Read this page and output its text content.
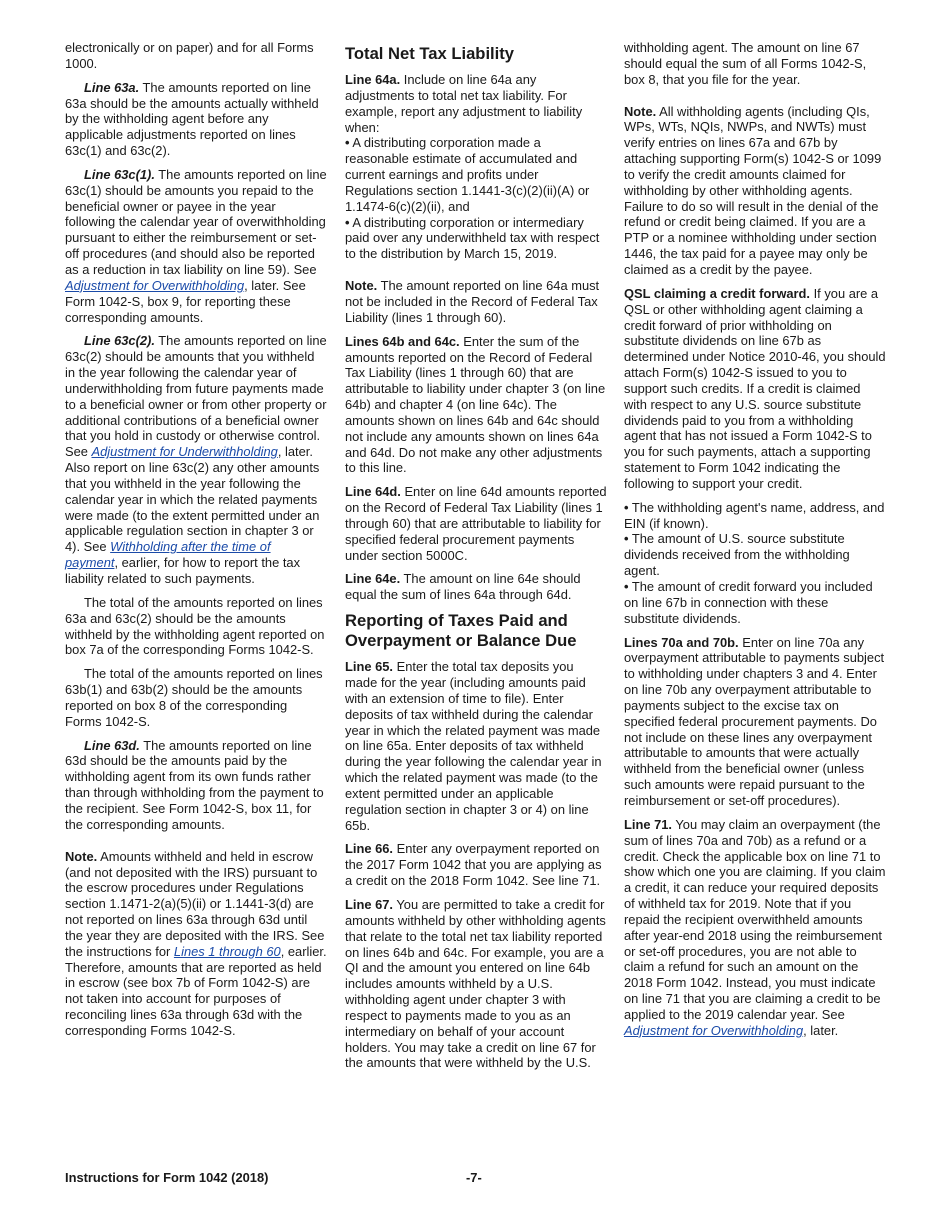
electronically or on paper) and for all Forms 1000.

Line 63a. The amounts reported on line 63a should be the amounts actually withheld by the withholding agent before any applicable adjustments reported on lines 63c(1) and 63c(2).

Line 63c(1). The amounts reported on line 63c(1) should be amounts you repaid to the beneficial owner or payee in the year following the calendar year of overwithholding pursuant to either the reimbursement or set-off procedures (and should also be reported as a reduction in tax liability on line 59). See Adjustment for Overwithholding, later. See Form 1042-S, box 9, for reporting these corresponding amounts.

Line 63c(2). The amounts reported on line 63c(2) should be amounts that you withheld in the year following the calendar year of underwithholding from future payments made to a beneficial owner or from other property or additional contributions of a beneficial owner that you hold in custody or otherwise control. See Adjustment for Underwithholding, later. Also report on line 63c(2) any other amounts that you withheld in the year following the calendar year in which the related payments were made (to the extent permitted under an applicable regulation section in chapter 3 or 4). See Withholding after the time of payment, earlier, for how to report the tax liability related to such payments.

The total of the amounts reported on lines 63a and 63c(2) should be the amounts withheld by the withholding agent reported on box 7a of the corresponding Forms 1042-S.

The total of the amounts reported on lines 63b(1) and 63b(2) should be the amounts reported on box 8 of the corresponding Forms 1042-S.

Line 63d. The amounts reported on line 63d should be the amounts paid by the withholding agent from its own funds rather than through withholding from the payment to the recipient. See Form 1042-S, box 11, for the corresponding amounts.

Note. Amounts withheld and held in escrow (and not deposited with the IRS) pursuant to the escrow procedures under Regulations section 1.1471-2(a)(5)(ii) or 1.1441-3(d) are not reported on lines 63a through 63d until the year they are deposited with the IRS. See the instructions for Lines 1 through 60, earlier. Therefore, amounts that are reported as held in escrow (see box 7b of Form 1042-S) are not taken into account for purposes of reconciling lines 63a through 63d with the corresponding Forms 1042-S.

Total Net Tax Liability

Line 64a. Include on line 64a any adjustments to total net tax liability. For example, report any adjustment to liability when:

• A distributing corporation made a reasonable estimate of accumulated and current earnings and profits under Regulations section 1.1441-3(c)(2)(ii)(A) or 1.1474-6(c)(2)(ii), and

• A distributing corporation or intermediary paid over any underwithheld tax with respect to the distribution by March 15, 2019.

Note. The amount reported on line 64a must not be included in the Record of Federal Tax Liability (lines 1 through 60).

Lines 64b and 64c. Enter the sum of the amounts reported on the Record of Federal Tax Liability (lines 1 through 60) that are attributable to liability under chapter 3 (on line 64b) and chapter 4 (on line 64c). The amounts shown on lines 64b and 64c should not include any amounts shown on lines 64a and 64d. Do not make any other adjustments to this line.

Line 64d. Enter on line 64d amounts reported on the Record of Federal Tax Liability (lines 1 through 60) that are attributable to liability for specified federal procurement payments under section 5000C.

Line 64e. The amount on line 64e should equal the sum of lines 64a through 64d.

Reporting of Taxes Paid and Overpayment or Balance Due

Line 65. Enter the total tax deposits you made for the year (including amounts paid with an extension of time to file). Enter deposits of tax withheld during the calendar year in which the related payment was made on line 65a. Enter deposits of tax withheld during the year following the calendar year in which the related payment was made (to the extent permitted under an applicable regulation section in chapter 3 or 4) on line 65b.

Line 66. Enter any overpayment reported on the 2017 Form 1042 that you are applying as a credit on the 2018 Form 1042. See line 71.

Line 67. You are permitted to take a credit for amounts withheld by other withholding agents that relate to the total net tax liability reported on lines 64b and 64c. For example, you are a QI and the amount you entered on line 64b includes amounts withheld by a U.S. withholding agent under chapter 3 with respect to payments made to you as an intermediary on behalf of your account holders. You may take a credit on line 67 for the amounts that were withheld by the U.S.

withholding agent. The amount on line 67 should equal the sum of all Forms 1042-S, box 8, that you file for the year.

Note. All withholding agents (including QIs, WPs, WTs, NQIs, NWPs, and NWTs) must verify entries on lines 67a and 67b by attaching supporting Form(s) 1042-S or 1099 to verify the credit amounts claimed for withholding by other withholding agents. Failure to do so will result in the denial of the refund or credit being claimed. If you are a PTP or a nominee withholding under section 1446, the tax paid for a payee may only be claimed as a credit by the payee.

QSL claiming a credit forward. If you are a QSL or other withholding agent claiming a credit forward of prior withholding on substitute dividends on line 67b as determined under Notice 2010-46, you should attach Form(s) 1042-S issued to you to support such credits. If a credit is claimed with respect to any U.S. source substitute dividends paid to you from a withholding agent that has not issued a Form 1042-S to you for such payments, attach a supporting statement to Form 1042 indicating the following to support your credit.

• The withholding agent's name, address, and EIN (if known).

• The amount of U.S. source substitute dividends received from the withholding agent.

• The amount of credit forward you included on line 67b in connection with these substitute dividends.

Lines 70a and 70b. Enter on line 70a any overpayment attributable to payments subject to withholding under chapters 3 and 4. Enter on line 70b any overpayment attributable to payments subject to the excise tax on specified federal procurement payments. Do not include on these lines any overpayment attributable to amounts that were actually withheld from the beneficial owner (unless such amounts were repaid pursuant to the reimbursement or set-off procedures).

Line 71. You may claim an overpayment (the sum of lines 70a and 70b) as a refund or a credit. Check the applicable box on line 71 to show which one you are claiming. If you claim a credit, it can reduce your required deposits of withheld tax for 2019. Note that if you repaid the recipient overwithheld amounts after year-end 2018 using the reimbursement or set-off procedures, you are not able to claim a refund for such an amount on the 2018 Form 1042. Instead, you must indicate on line 71 that you are claiming a credit to be applied to the 2019 calendar year. See Adjustment for Overwithholding, later.

Instructions for Form 1042 (2018)	-7-
